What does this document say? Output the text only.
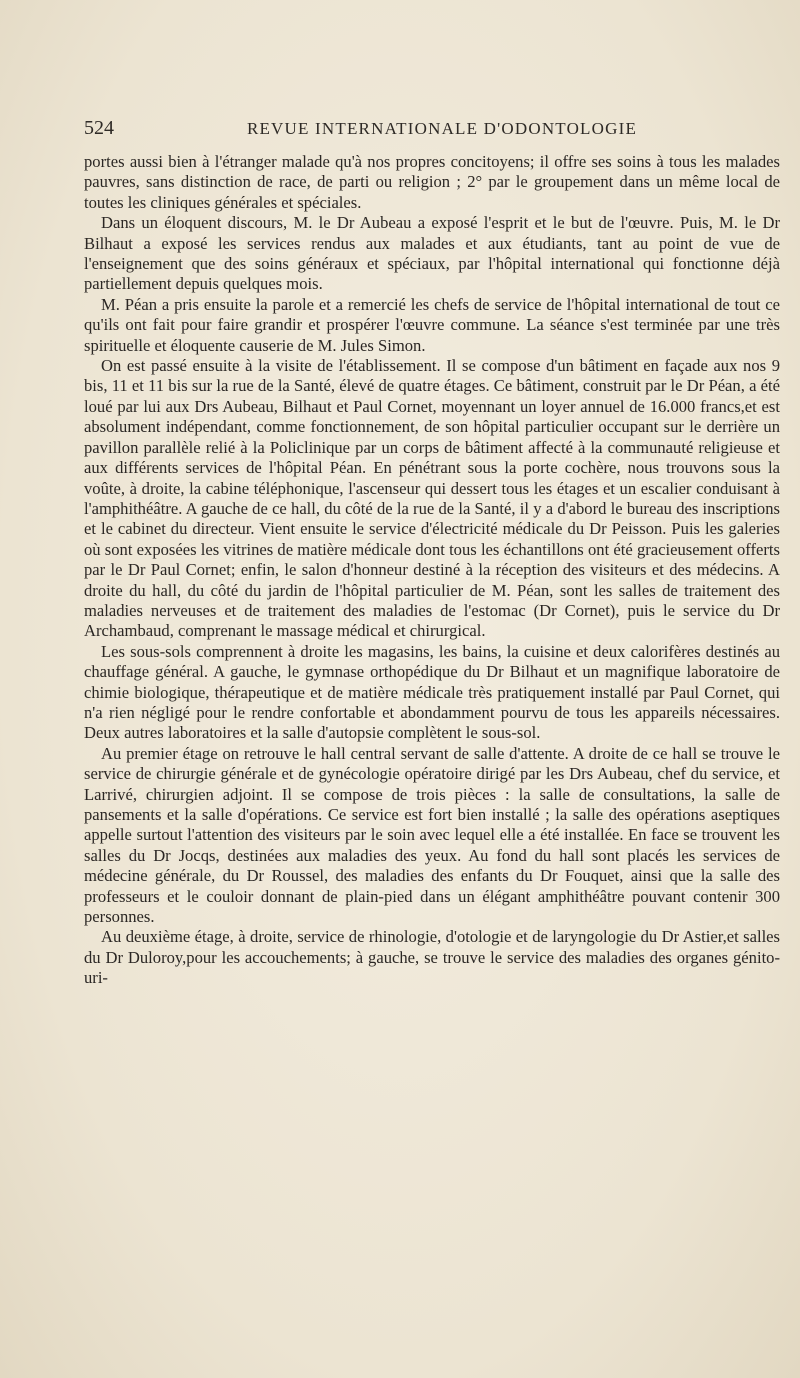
524	REVUE INTERNATIONALE D'ODONTOLOGIE

portes aussi bien à l'étranger malade qu'à nos propres concitoyens; il offre ses soins à tous les malades pauvres, sans distinction de race, de parti ou religion ; 2° par le groupement dans un même local de toutes les cliniques générales et spéciales.

Dans un éloquent discours, M. le Dr Aubeau a exposé l'esprit et le but de l'œuvre. Puis, M. le Dr Bilhaut a exposé les services rendus aux malades et aux étudiants, tant au point de vue de l'enseignement que des soins généraux et spéciaux, par l'hôpital international qui fonctionne déjà partiellement depuis quelques mois.

M. Péan a pris ensuite la parole et a remercié les chefs de service de l'hôpital international de tout ce qu'ils ont fait pour faire grandir et prospérer l'œuvre commune. La séance s'est terminée par une très spirituelle et éloquente causerie de M. Jules Simon.

On est passé ensuite à la visite de l'établissement. Il se compose d'un bâtiment en façade aux nos 9 bis, 11 et 11 bis sur la rue de la Santé, élevé de quatre étages. Ce bâtiment, construit par le Dr Péan, a été loué par lui aux Drs Aubeau, Bilhaut et Paul Cornet, moyennant un loyer annuel de 16.000 francs,et est absolument indépendant, comme fonctionnement, de son hôpital particulier occupant sur le derrière un pavillon parallèle relié à la Policlinique par un corps de bâtiment affecté à la communauté religieuse et aux différents services de l'hôpital Péan. En pénétrant sous la porte cochère, nous trouvons sous la voûte, à droite, la cabine téléphonique, l'ascenseur qui dessert tous les étages et un escalier conduisant à l'amphithéâtre. A gauche de ce hall, du côté de la rue de la Santé, il y a d'abord le bureau des inscriptions et le cabinet du directeur. Vient ensuite le service d'électricité médicale du Dr Peisson. Puis les galeries où sont exposées les vitrines de matière médicale dont tous les échantillons ont été gracieusement offerts par le Dr Paul Cornet; enfin, le salon d'honneur destiné à la réception des visiteurs et des médecins. A droite du hall, du côté du jardin de l'hôpital particulier de M. Péan, sont les salles de traitement des maladies nerveuses et de traitement des maladies de l'estomac (Dr Cornet), puis le service du Dr Archambaud, comprenant le massage médical et chirurgical.

Les sous-sols comprennent à droite les magasins, les bains, la cuisine et deux calorifères destinés au chauffage général. A gauche, le gymnase orthopédique du Dr Bilhaut et un magnifique laboratoire de chimie biologique, thérapeutique et de matière médicale très pratiquement installé par Paul Cornet, qui n'a rien négligé pour le rendre confortable et abondamment pourvu de tous les appareils nécessaires. Deux autres laboratoires et la salle d'autopsie complètent le sous-sol.

Au premier étage on retrouve le hall central servant de salle d'attente. A droite de ce hall se trouve le service de chirurgie générale et de gynécologie opératoire dirigé par les Drs Aubeau, chef du service, et Larrivé, chirurgien adjoint. Il se compose de trois pièces : la salle de consultations, la salle de pansements et la salle d'opérations. Ce service est fort bien installé ; la salle des opérations aseptiques appelle surtout l'attention des visiteurs par le soin avec lequel elle a été installée. En face se trouvent les salles du Dr Jocqs, destinées aux maladies des yeux. Au fond du hall sont placés les services de médecine générale, du Dr Roussel, des maladies des enfants du Dr Fouquet, ainsi que la salle des professeurs et le couloir donnant de plain-pied dans un élégant amphithéâtre pouvant contenir 300 personnes.

Au deuxième étage, à droite, service de rhinologie, d'otologie et de laryngologie du Dr Astier,et salles du Dr Duloroy,pour les accouchements; à gauche, se trouve le service des maladies des organes génito-uri-
